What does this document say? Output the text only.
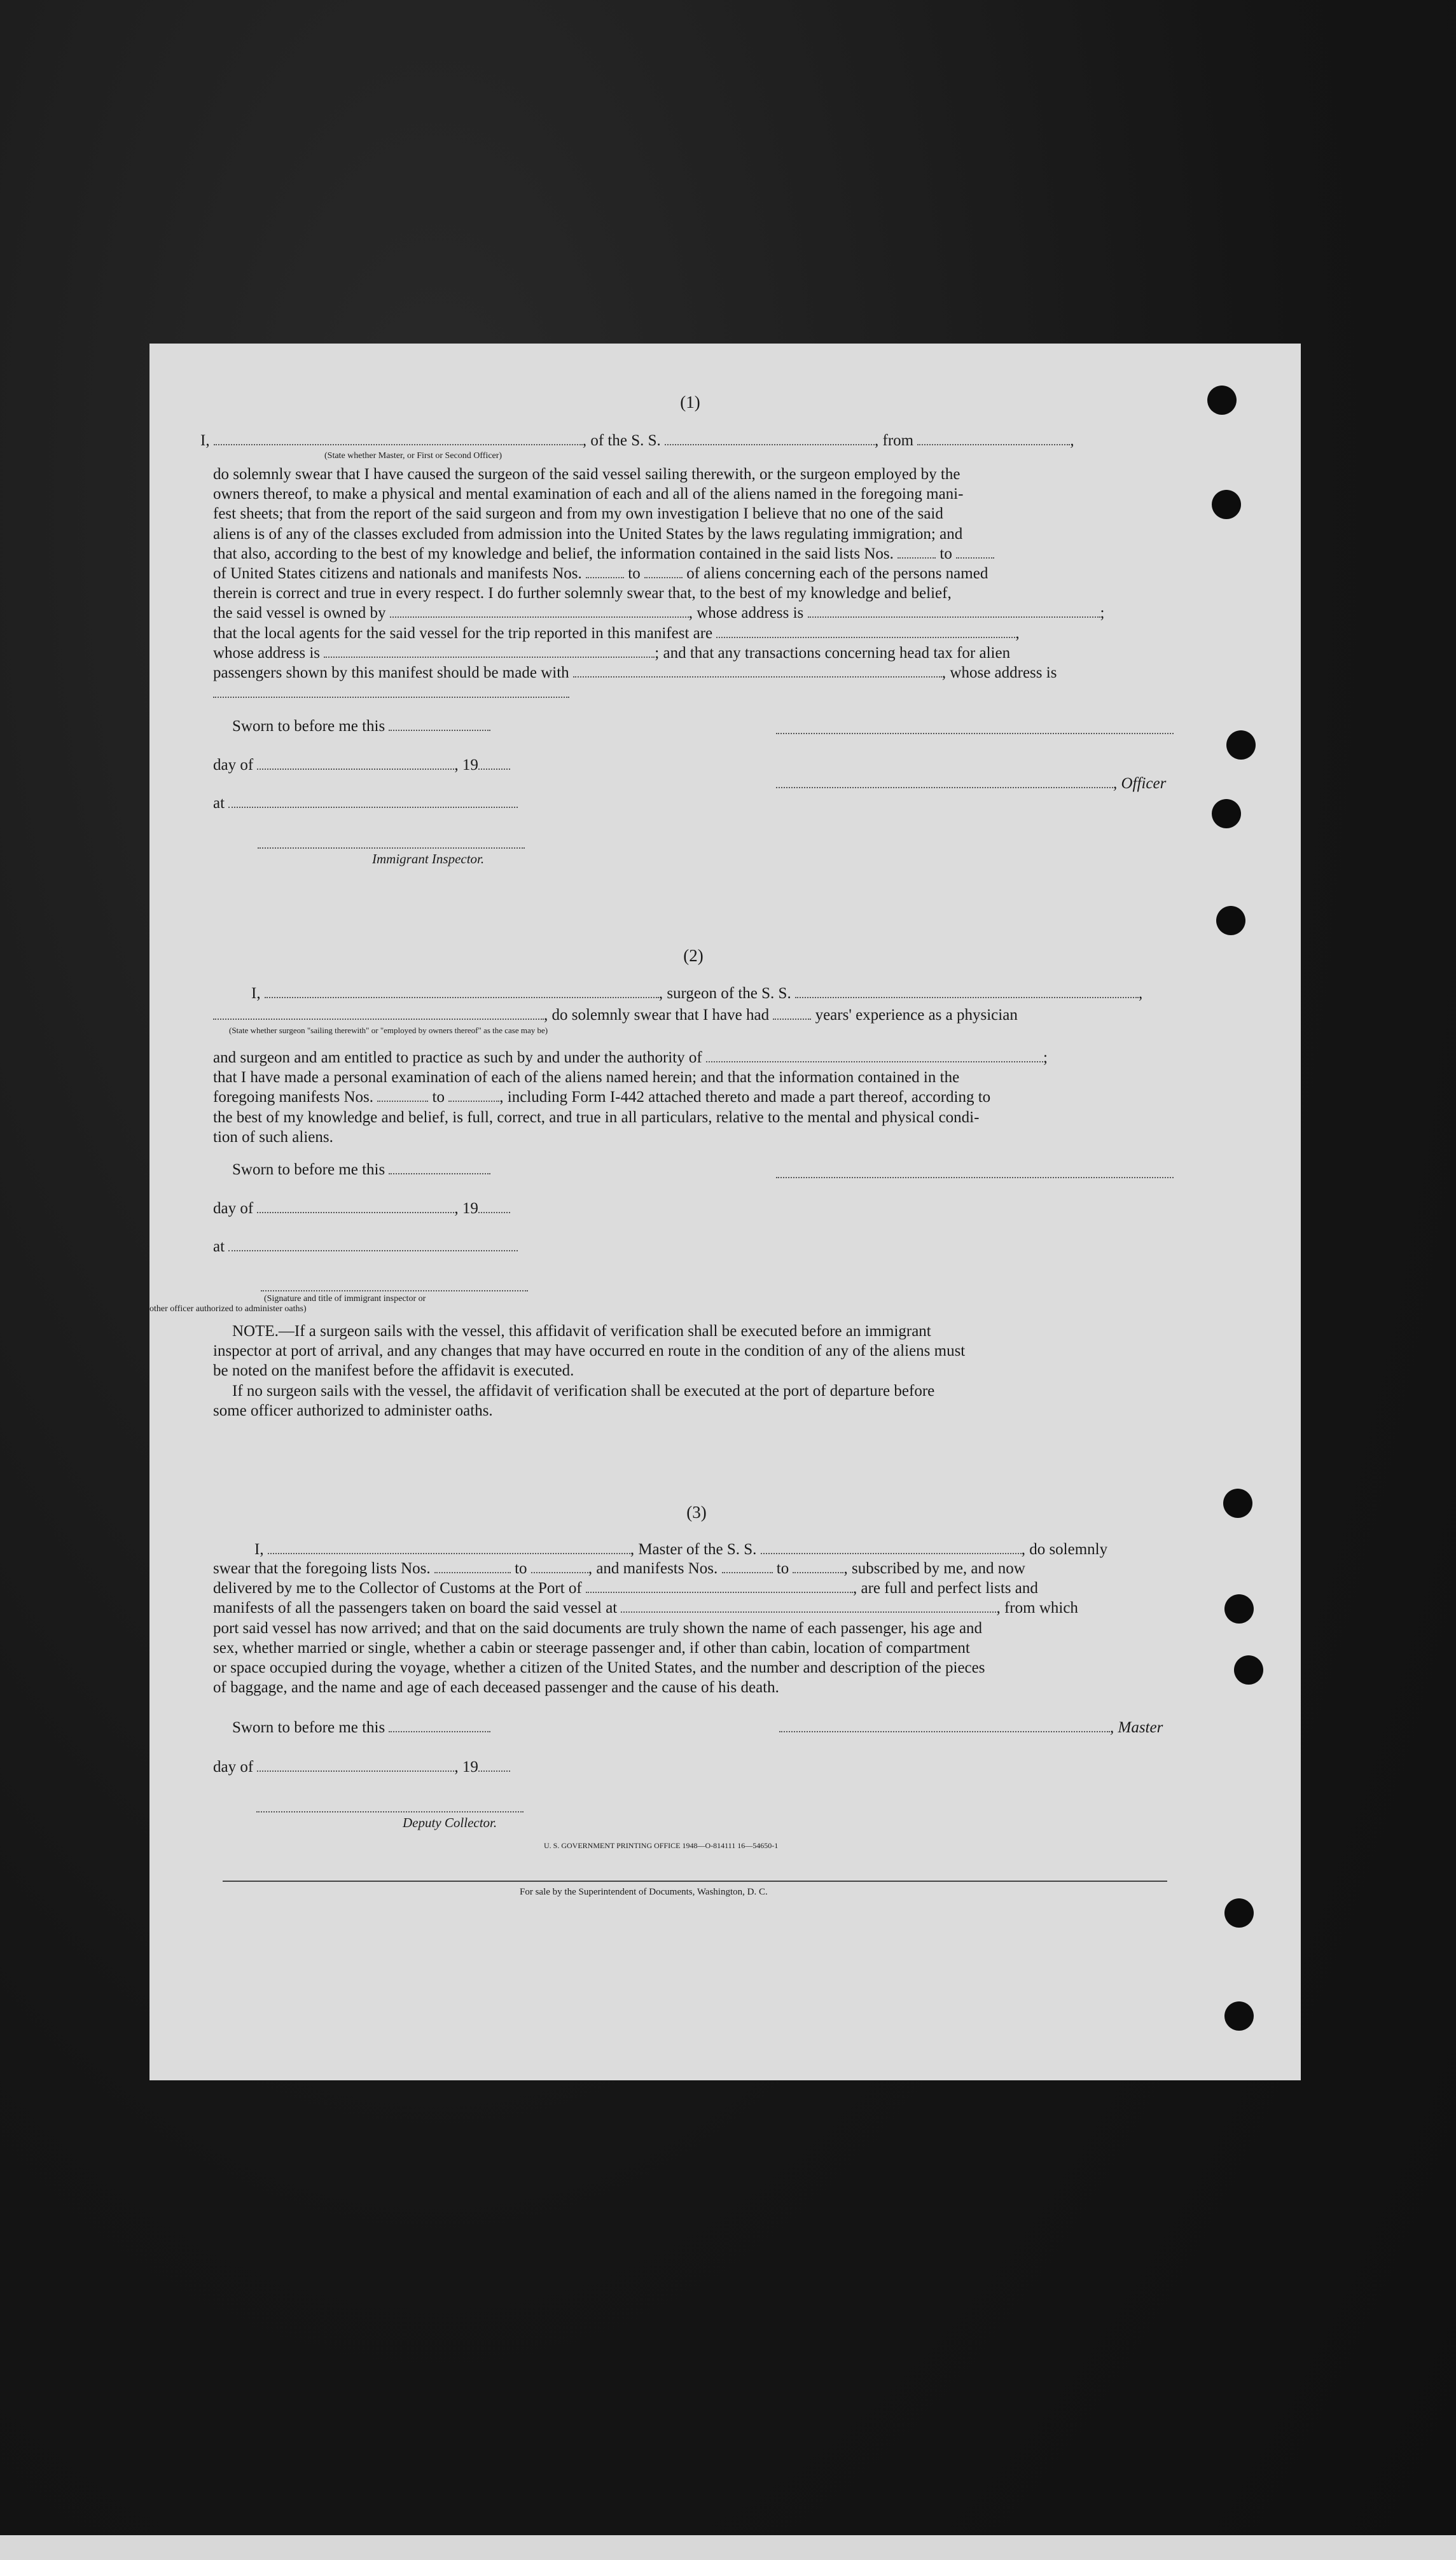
(1)
I,	, of the S. S.	, from	,
(State whether Master, or First or Second Officer)
do solemnly swear that I have caused the surgeon of the said vessel sailing therewith, or the surgeon employed by the
owners thereof, to make a physical and mental examination of each and all of the aliens named in the foregoing mani-
fest sheets; that from the report of the said surgeon and from my own investigation I believe that no one of the said
aliens is of any of the classes excluded from admission into the United States by the laws regulating immigration; and
that also, according to the best of my knowledge and belief, the information contained in the said lists Nos.	to
of United States citizens and nationals and manifests Nos.	to	of aliens concerning each of the persons named
therein is correct and true in every respect. I do further solemnly swear that, to the best of my knowledge and belief,
the said vessel is owned by	, whose address is	;
that the local agents for the said vessel for the trip reported in this manifest are	,
whose address is	; and that any transactions concerning head tax for alien
passengers shown by this manifest should be made with	, whose address is
Sworn to before me this
day of	, 19
at
Immigrant Inspector.
, Officer
(2)
I,	, surgeon of the S. S.	,
, do solemnly swear that I have had	years' experience as a physician
(State whether surgeon "sailing therewith" or "employed by owners thereof" as the case may be)
and surgeon and am entitled to practice as such by and under the authority of	;
that I have made a personal examination of each of the aliens named herein; and that the information contained in the
foregoing manifests Nos.	to	, including Form I-442 attached thereto and made a part thereof, according to
the best of my knowledge and belief, is full, correct, and true in all particulars, relative to the mental and physical condi-
tion of such aliens.
Sworn to before me this
day of	, 19
at
(Signature and title of immigrant inspector or
other officer authorized to administer oaths)
NOTE.—If a surgeon sails with the vessel, this affidavit of verification shall be executed before an immigrant
inspector at port of arrival, and any changes that may have occurred en route in the condition of any of the aliens must
be noted on the manifest before the affidavit is executed.
If no surgeon sails with the vessel, the affidavit of verification shall be executed at the port of departure before
some officer authorized to administer oaths.
(3)
I,	, Master of the S. S.	, do solemnly
swear that the foregoing lists Nos.	to	, and manifests Nos.	to	, subscribed by me, and now
delivered by me to the Collector of Customs at the Port of	, are full and perfect lists and
manifests of all the passengers taken on board the said vessel at	, from which
port said vessel has now arrived; and that on the said documents are truly shown the name of each passenger, his age and
sex, whether married or single, whether a cabin or steerage passenger and, if other than cabin, location of compartment
or space occupied during the voyage, whether a citizen of the United States, and the number and description of the pieces
of baggage, and the name and age of each deceased passenger and the cause of his death.
Sworn to before me this	, Master
day of	, 19
Deputy Collector.
U. S. GOVERNMENT PRINTING OFFICE 1948—O-814111 16—54650-1
For sale by the Superintendent of Documents, Washington, D. C.
